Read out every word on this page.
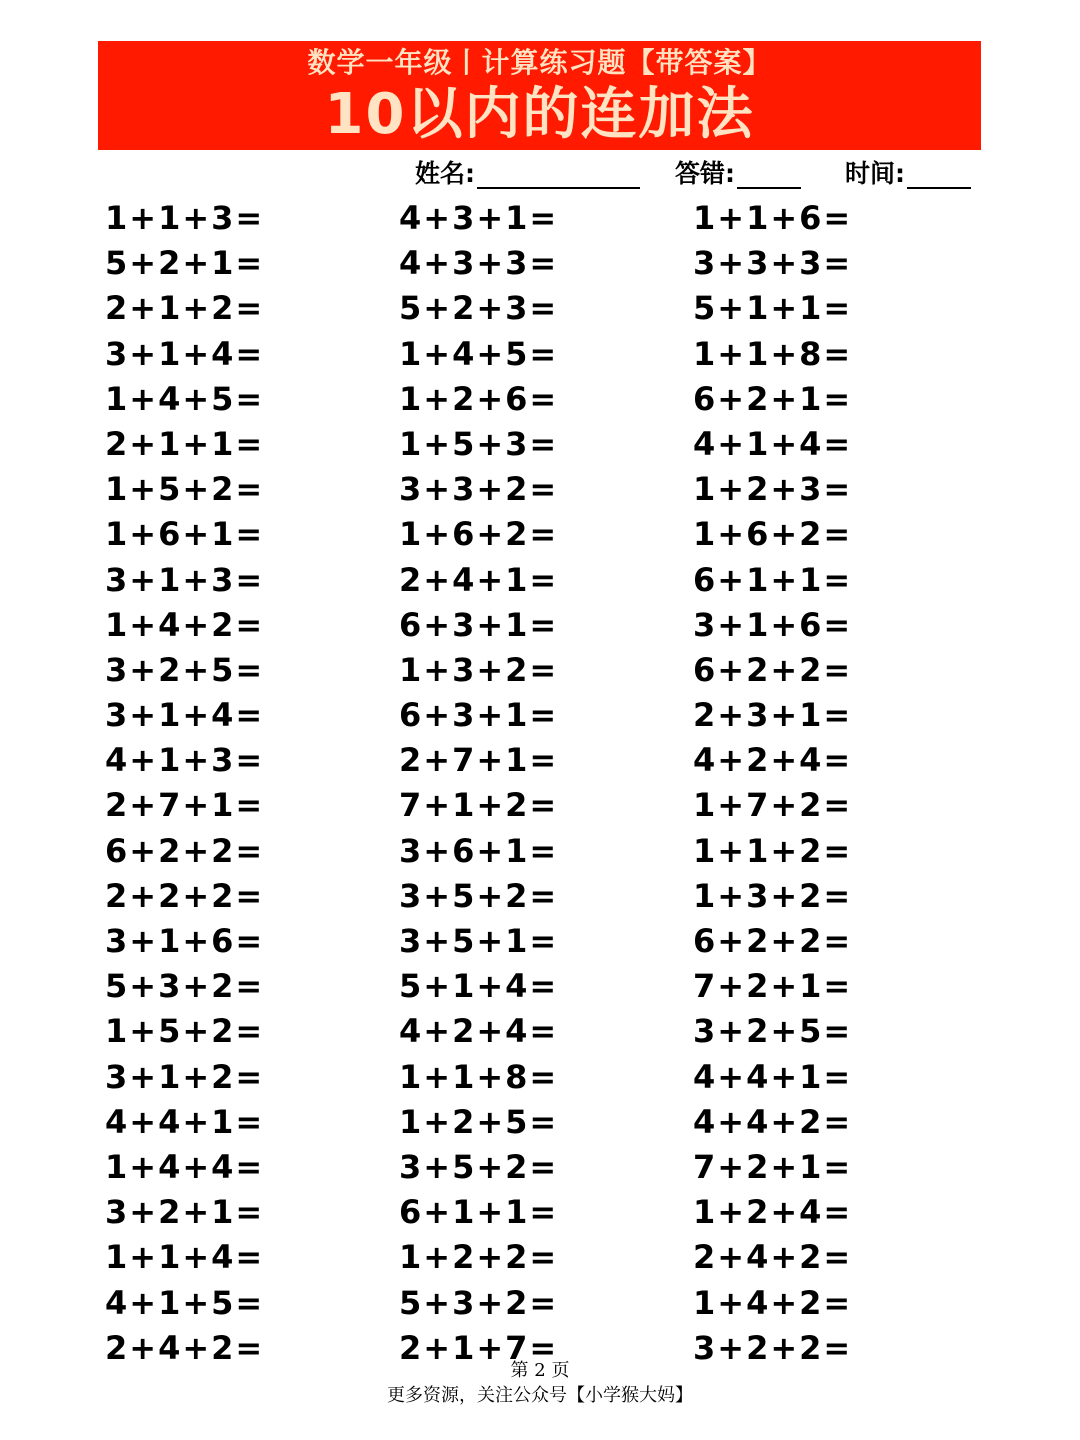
数学一年级丨计算练习题【带答案】
10以内的连加法
姓名:	答错:	时间:
1+1+3=
5+2+1=
2+1+2=
3+1+4=
1+4+5=
2+1+1=
1+5+2=
1+6+1=
3+1+3=
1+4+2=
3+2+5=
3+1+4=
4+1+3=
2+7+1=
6+2+2=
2+2+2=
3+1+6=
5+3+2=
1+5+2=
3+1+2=
4+4+1=
1+4+4=
3+2+1=
1+1+4=
4+1+5=
2+4+2=
4+3+1=
4+3+3=
5+2+3=
1+4+5=
1+2+6=
1+5+3=
3+3+2=
1+6+2=
2+4+1=
6+3+1=
1+3+2=
6+3+1=
2+7+1=
7+1+2=
3+6+1=
3+5+2=
3+5+1=
5+1+4=
4+2+4=
1+1+8=
1+2+5=
3+5+2=
6+1+1=
1+2+2=
5+3+2=
2+1+7=
1+1+6=
3+3+3=
5+1+1=
1+1+8=
6+2+1=
4+1+4=
1+2+3=
1+6+2=
6+1+1=
3+1+6=
6+2+2=
2+3+1=
4+2+4=
1+7+2=
1+1+2=
1+3+2=
6+2+2=
7+2+1=
3+2+5=
4+4+1=
4+4+2=
7+2+1=
1+2+4=
2+4+2=
1+4+2=
3+2+2=
第 2 页
更多资源，关注公众号【小学猴大妈】
